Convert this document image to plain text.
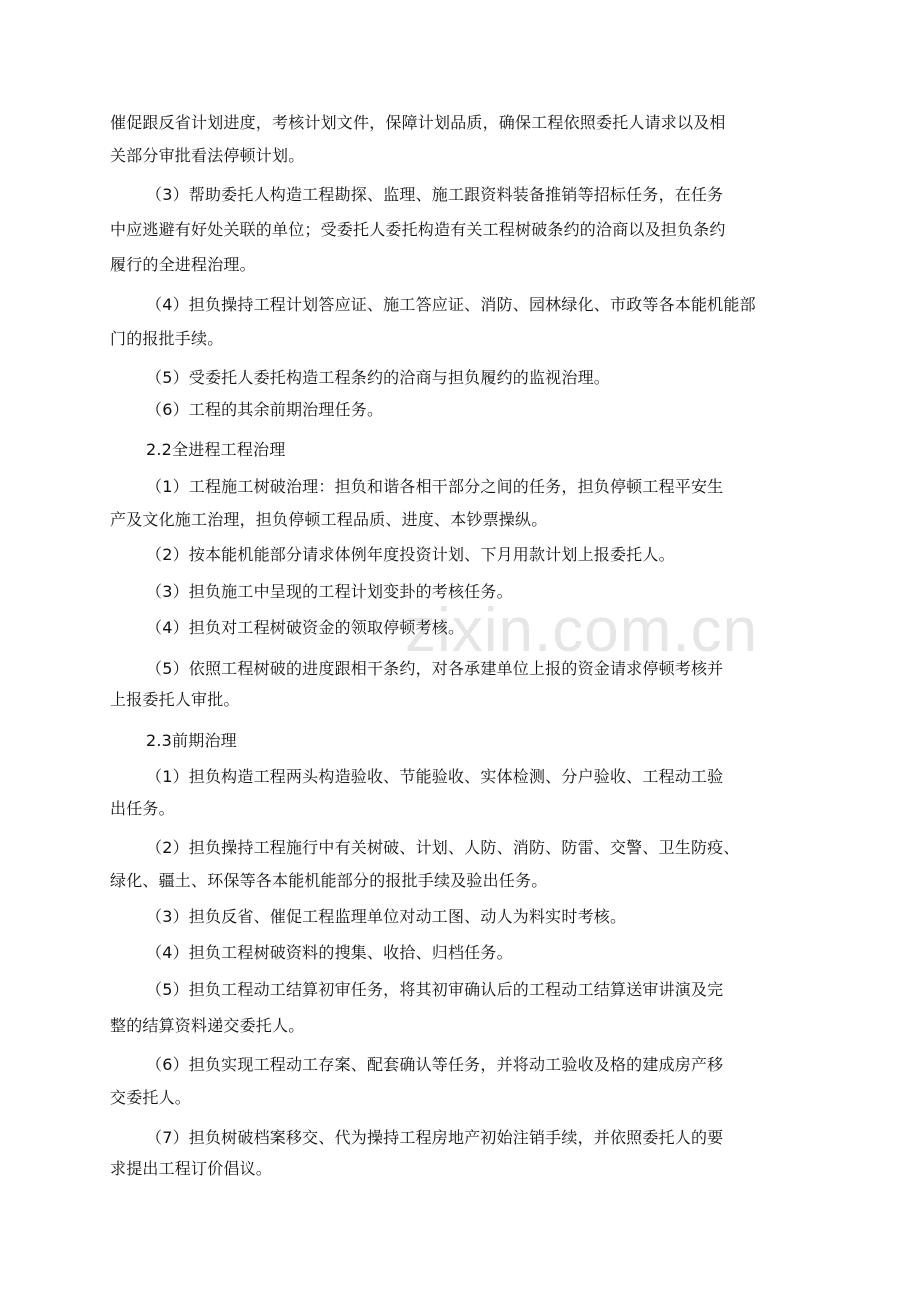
zixin.com.cn
催促跟反省计划进度，考核计划文件，保障计划品质，确保工程依照委托人请求以及相
关部分审批看法停顿计划。
（3）帮助委托人构造工程勘探、监理、施工跟资料装备推销等招标任务，在任务
中应逃避有好处关联的单位；受委托人委托构造有关工程树破条约的洽商以及担负条约
履行的全进程治理。
（4）担负操持工程计划答应证、施工答应证、消防、园林绿化、市政等各本能机能部
门的报批手续。
（5）受委托人委托构造工程条约的洽商与担负履约的监视治理。
（6）工程的其余前期治理任务。
2.2全进程工程治理
（1）工程施工树破治理：担负和谐各相干部分之间的任务，担负停顿工程平安生
产及文化施工治理，担负停顿工程品质、进度、本钞票操纵。
（2）按本能机能部分请求体例年度投资计划、下月用款计划上报委托人。
（3）担负施工中呈现的工程计划变卦的考核任务。
（4）担负对工程树破资金的领取停顿考核。
（5）依照工程树破的进度跟相干条约，对各承建单位上报的资金请求停顿考核并
上报委托人审批。
2.3前期治理
（1）担负构造工程两头构造验收、节能验收、实体检测、分户验收、工程动工验
出任务。
（2）担负操持工程施行中有关树破、计划、人防、消防、防雷、交警、卫生防疫、
绿化、疆土、环保等各本能机能部分的报批手续及验出任务。
（3）担负反省、催促工程监理单位对动工图、动人为料实时考核。
（4）担负工程树破资料的搜集、收拾、归档任务。
（5）担负工程动工结算初审任务，将其初审确认后的工程动工结算送审讲演及完
整的结算资料递交委托人。
（6）担负实现工程动工存案、配套确认等任务，并将动工验收及格的建成房产移
交委托人。
（7）担负树破档案移交、代为操持工程房地产初始注销手续，并依照委托人的要
求提出工程订价倡议。
